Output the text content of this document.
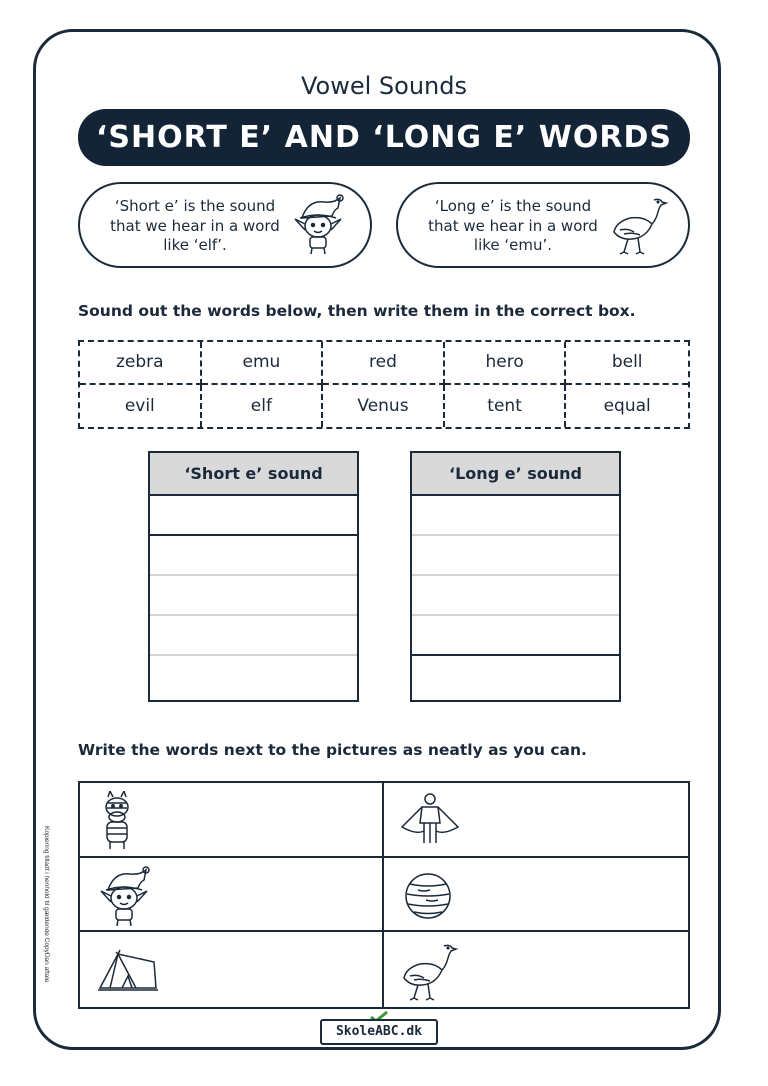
Vowel Sounds
‘SHORT E’ AND ‘LONG E’ WORDS
‘Short e’ is the sound that we hear in a word like ‘elf’.
‘Long e’ is the sound that we hear in a word like ‘emu’.
Sound out the words below, then write them in the correct box.
zebra	emu	red	hero	bell
evil	elf	Venus	tent	equal
‘Short e’ sound	‘Long e’ sound
Write the words next to the pictures as neatly as you can.
Kopiering tilladt i henhold til gældende CopyDan aftale
SkoleABC.dk
